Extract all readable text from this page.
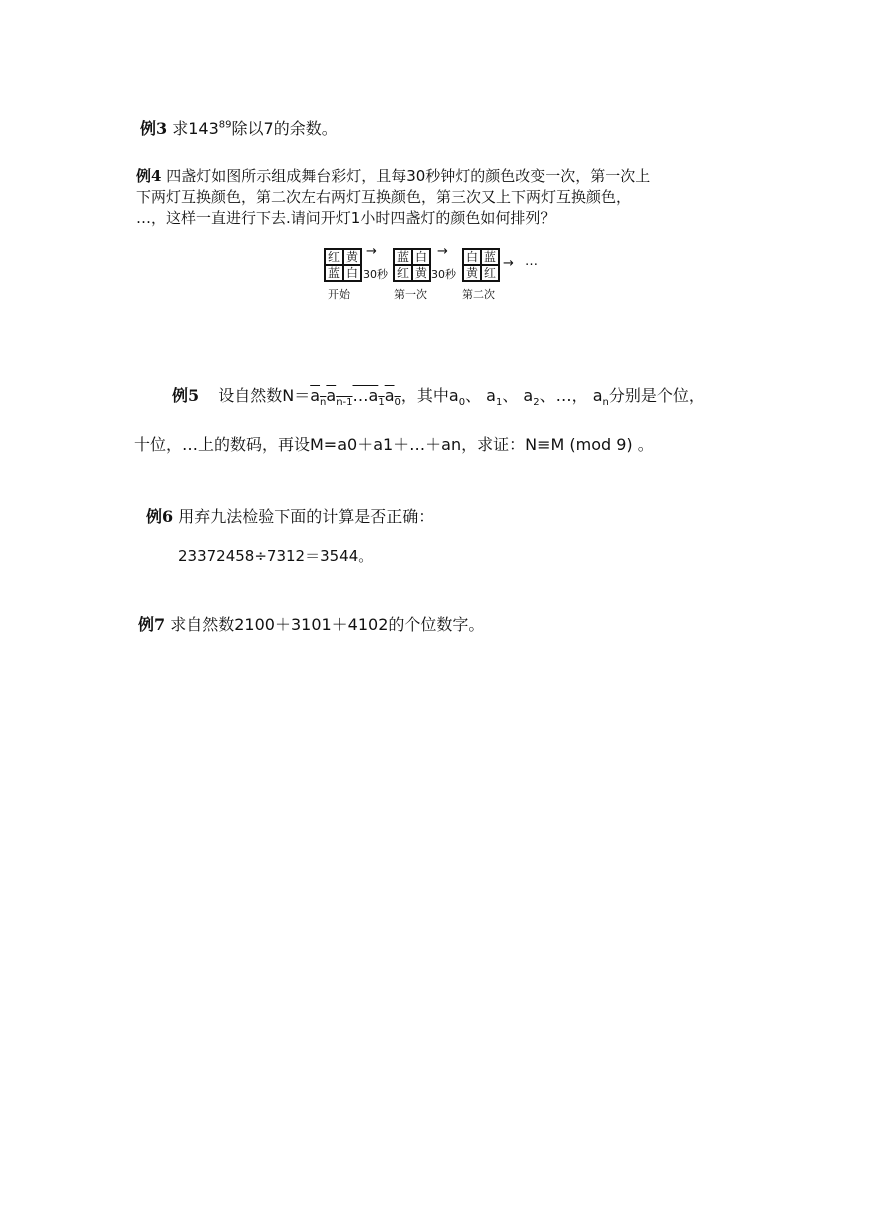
例3 求$143^{89}$除以7的余数。
例4 四盏灯如图所示组成舞台彩灯，且每30秒钟灯的颜色改变一次，第一次上
下两灯互换颜色，第二次左右两灯互换颜色，第三次又上下两灯互换颜色，
…，这样一直进行下去.请问开灯1小时四盏灯的颜色如何排列？
红 黄
蓝 白
开始
→
30秒
蓝 白
红 黄
第一次
→
30秒
白 蓝
黄 红
第二次
→ …
例5 设自然数$N=a_na_{n-1}\dots a_1a_0$，其中$a_0$、 $a_1$、 $a_2$、…， $a_n$分别是个位，
十位，…上的数码，再设M=a0＋a1＋…＋an，求证：N≡M (mod 9) 。
例6 用弃九法检验下面的计算是否正确：
23372458÷7312＝3544。
例7 求自然数2100＋3101＋4102的个位数字。
